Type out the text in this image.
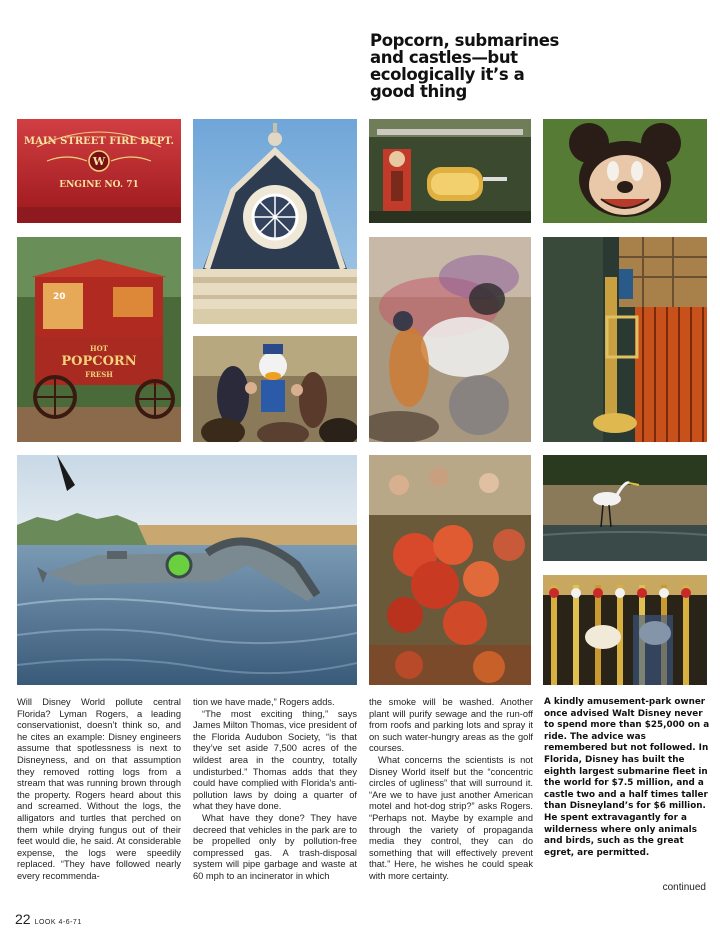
Popcorn, submarines and castles—but ecologically it’s a good thing
MAIN STREET FIRE DEPT.
W
ENGINE NO. 71
20
HOT
POPCORN
FRESH

Will Disney World pollute central Florida? Lyman Rogers, a leading conservationist, doesn’t think so, and he cites an example: Disney engineers assume that spotlessness is next to Disneyness, and on that assumption they removed rotting logs from a stream that was running brown through the property. Rogers heard about this and screamed. Without the logs, the alligators and turtles that perched on them while drying fungus out of their feet would die, he said. At considerable expense, the logs were speedily replaced. “They have followed nearly every recommenda-

tion we have made,” Rogers adds.

“The most exciting thing,” says James Milton Thomas, vice president of the Florida Audubon Society, “is that they’ve set aside 7,500 acres of the wildest area in the country, totally undisturbed.” Thomas adds that they could have complied with Florida’s anti-pollution laws by doing a quarter of what they have done.

What have they done? They have decreed that vehicles in the park are to be propelled only by pollution-free compressed gas. A trash-disposal system will pipe garbage and waste at 60 mph to an incinerator in which

the smoke will be washed. Another plant will purify sewage and the run-off from roofs and parking lots and spray it on such water-hungry areas as the golf courses.

What concerns the scientists is not Disney World itself but the “concentric circles of ugliness” that will surround it. “Are we to have just another American motel and hot-dog strip?” asks Rogers. “Perhaps not. Maybe by example and through the variety of propaganda media they control, they can do something that will effectively prevent that.” Here, he wishes he could speak with more certainty.

A kindly amusement-park owner once advised Walt Disney never to spend more than $25,000 on a ride. The advice was remembered but not followed. In Florida, Disney has built the eighth largest submarine fleet in the world for $7.5 million, and a castle two and a half times taller than Disneyland’s for $6 million. He spent extravagantly for a wilderness where only animals and birds, such as the great egret, are permitted.
continued
22 LOOK 4-6-71
